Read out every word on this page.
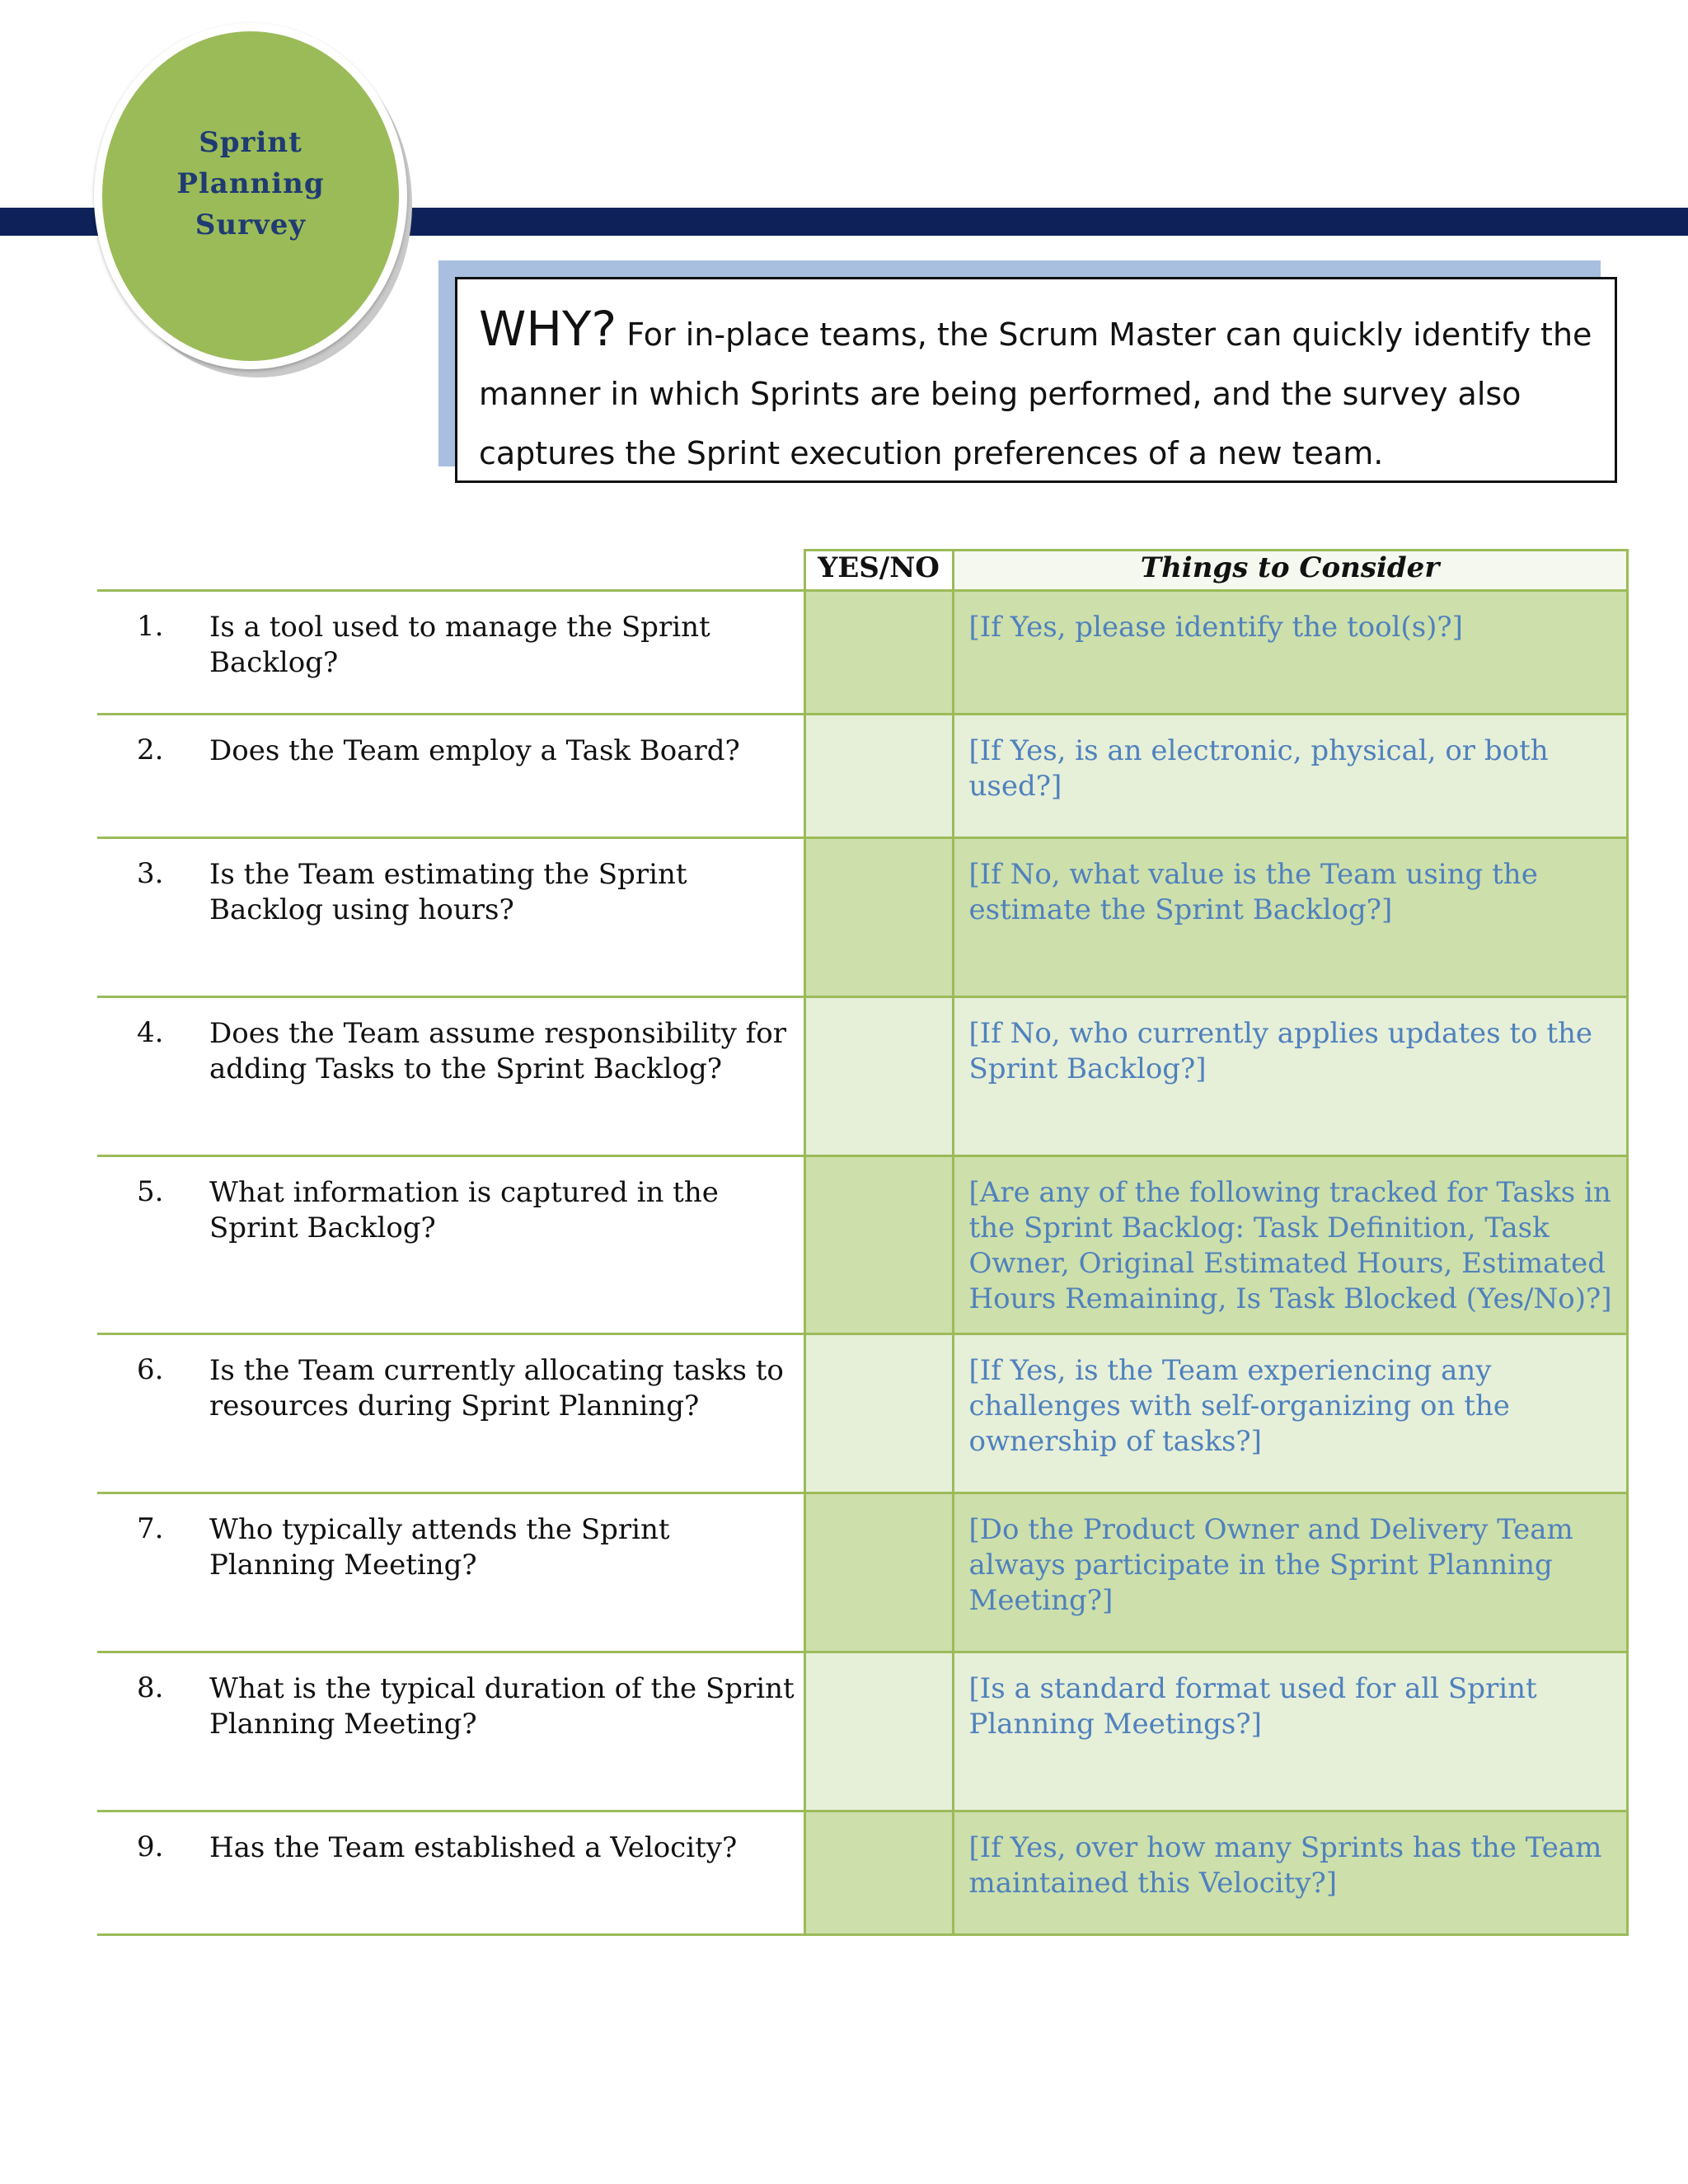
Sprint Planning Survey
WHY? For in-place teams, the Scrum Master can quickly identify the manner in which Sprints are being performed, and the survey also captures the Sprint execution preferences of a new team.
		YES/NO	Things to Consider
1.	Is a tool used to manage the Sprint Backlog?		[If Yes, please identify the tool(s)?]
2.	Does the Team employ a Task Board?		[If Yes, is an electronic, physical, or both used?]
3.	Is the Team estimating the Sprint Backlog using hours?		[If No, what value is the Team using the estimate the Sprint Backlog?]
4.	Does the Team assume responsibility for adding Tasks to the Sprint Backlog?		[If No, who currently applies updates to the Sprint Backlog?]
5.	What information is captured in the Sprint Backlog?		[Are any of the following tracked for Tasks in the Sprint Backlog: Task Definition, Task Owner, Original Estimated Hours, Estimated Hours Remaining, Is Task Blocked (Yes/No)?]
6.	Is the Team currently allocating tasks to resources during Sprint Planning?		[If Yes, is the Team experiencing any challenges with self-organizing on the ownership of tasks?]
7.	Who typically attends the Sprint Planning Meeting?		[Do the Product Owner and Delivery Team always participate in the Sprint Planning Meeting?]
8.	What is the typical duration of the Sprint Planning Meeting?		[Is a standard format used for all Sprint Planning Meetings?]
9.	Has the Team established a Velocity?		[If Yes, over how many Sprints has the Team maintained this Velocity?]
